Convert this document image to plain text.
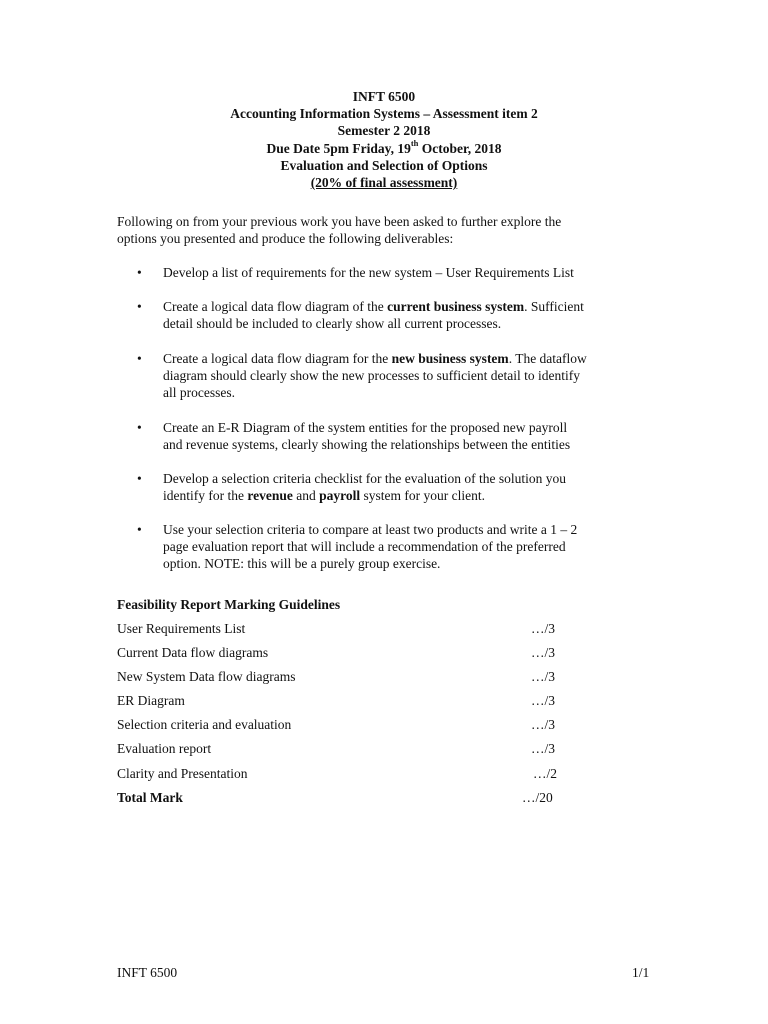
INFT 6500
Accounting Information Systems – Assessment item 2
Semester 2 2018
Due Date 5pm Friday, 19th October, 2018
Evaluation and Selection of Options
(20% of final assessment)
Following on from your previous work you have been asked to further explore the
options you presented and produce the following deliverables:
•	Develop a list of requirements for the new system – User Requirements List
•	Create a logical data flow diagram of the current business system. Sufficient
detail should be included to clearly show all current processes.
•	Create a logical data flow diagram for the new business system. The dataflow
diagram should clearly show the new processes to sufficient detail to identify
all processes.
•	Create an E-R Diagram of the system entities for the proposed new payroll
and revenue systems, clearly showing the relationships between the entities
•	Develop a selection criteria checklist for the evaluation of the solution you
identify for the revenue and payroll system for your client.
•	Use your selection criteria to compare at least two products and write a 1 – 2
page evaluation report that will include a recommendation of the preferred
option. NOTE: this will be a purely group exercise.
Feasibility Report Marking Guidelines
User Requirements List	…/3
Current Data flow diagrams	…/3
New System Data flow diagrams	…/3
ER Diagram	…/3
Selection criteria and evaluation	…/3
Evaluation report	…/3
Clarity and Presentation	…/2
Total Mark	…/20
INFT 6500	1/1
